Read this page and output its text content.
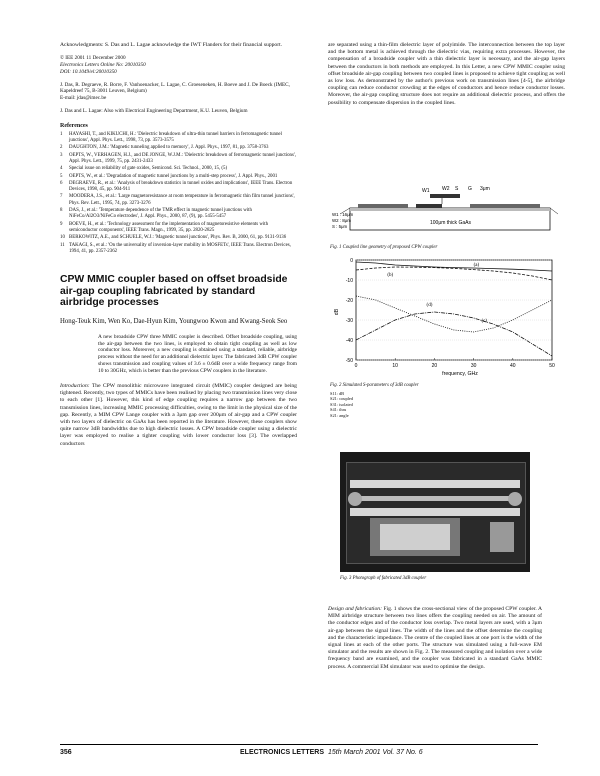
Acknowledgments: S. Das and L. Lagae acknowledge the IWT Flanders for their financial support.

© IEE 2001 11 December 2000

Electronics Letters Online No: 20010350

DOI: 10.1049/el:20010350

J. Das, R. Degraeve, R. Borre, F. Vanhoenacker, L. Lagae, C. Groeseneken, H. Boeve and J. De Boeck (IMEC, Kapeldreef 75, B-3001 Leuven, Belgium)

E-mail: jdas@imec.be

J. Das and L. Lagae: Also with Electrical Engineering Department, K.U. Leuven, Belgium

References

1	HAYASHI, T., and KIKUCHI, H.: 'Dielectric breakdown of ultra-thin tunnel barriers in ferromagnetic tunnel junctions', Appl. Phys. Lett., 1998, 73, pp. 3573-3575
2	DAUGHTON, J.M.: 'Magnetic tunneling applied to memory', J. Appl. Phys., 1997, 81, pp. 3758-3763
3	OEPTS, W., VERHAGEN, H.J., and DE JONGE, W.J.M.: 'Dielectric breakdown of ferromagnetic tunnel junctions', Appl. Phys. Lett., 1999, 75, pp. 2431-2433
4	Special issue on reliability of gate oxides, Semicond. Sci. Technol., 2000, 15, (5)
5	OEPTS, W., et al.: 'Degradation of magnetic tunnel junctions by a multi-step process', J. Appl. Phys., 2001
6	DEGRAEVE, R., et al.: 'Analysis of breakdown statistics in tunnel oxides and implications', IEEE Trans. Electron Devices, 1998, 45, pp. 904-911
7	MOODERA, J.S., et al.: 'Large magnetoresistance at room temperature in ferromagnetic thin film tunnel junctions', Phys. Rev. Lett., 1995, 74, pp. 3273-3276
8	DAS, J., et al.: 'Temperature dependence of the TMR effect in magnetic tunnel junctions with NiFeCo/Al2O3/NiFeCo electrodes', J. Appl. Phys., 2000, 87, (9), pp. 5455-5457
9	BOEVE, H., et al.: 'Technology assessment for the implementation of magnetoresistive elements with semiconductor components', IEEE Trans. Magn., 1999, 35, pp. 2820-2825
10 BERKOWITZ, A.E., and SCHUELE, W.J.: 'Magnetic tunnel junctions', Phys. Rev. B, 2000, 61, pp. 9131-9136
11 TAKAGI, S., et al.: 'On the universality of inversion-layer mobility in MOSFETs', IEEE Trans. Electron Devices, 1994, 41, pp. 2357-2362

CPW MMIC coupler based on offset broadside air-gap coupling fabricated by standard airbridge processes

Hong-Teuk Kim, Wen Ko, Dae-Hyun Kim, Youngwoo Kwon and Kwang-Seok Seo

A new broadside CPW three MMIC coupler is described. Offset broadside coupling, using the air-gap between the two lines, is employed to obtain tight coupling as well as low conductor loss. Moreover, a new coupling is obtained using a standard, reliable, airbridge process without the need for an additional dielectric layer. The fabricated 3dB CPW coupler shows transmission and coupling values of 3.6 ± 0.6dB over a wide frequency range from 10 to 30GHz, which is better than the previous CPW couplers in the literature.

Introduction: The CPW monolithic microwave integrated circuit (MMIC) coupler designed are being tightened. Recently, two types of MMICs have been realised by placing two transmission lines very close to each other [1]. However, this kind of edge coupling requires a narrow gap between the two transmission lines, increasing MMIC processing difficulties, owing to the limit in the physical size of the gap. Recently, a MIM CPW Lange coupler with a 3μm gap over 200μm of air-gap and a CPW coupler with two layers of dielectric on GaAs has been reported in the literature. However, these couplers show quite narrow 3dB bandwidths due to high dielectric losses. A CPW broadside coupler using a dielectric layer was employed to realise a tighter coupling with lower conductor loss [3]. The overlapped conductors

are separated using a thin-film dielectric layer of polyimide. The interconnection between the top layer and the bottom metal is achieved through the dielectric vias, requiring extra processes. However, the compensation of a broadside coupler with a thin dielectric layer is necessary, and the air-gap layers between the conductors in both methods are employed. In this Letter, a new CPW MMIC coupler using offset broadside air-gap coupling between two coupled lines is proposed to achieve tight coupling as well as low loss. As demonstrated by the author's previous work on transmission lines [4-5], the airbridge coupling can reduce conductor crowding at the edges of conductors and hence reduce conductor losses. Moreover, the air-gap coupling structure does not require an additional dielectric process, and offers the possibility to compensate dispersion in the coupled lines.

W1	W2 S G 3μm
100μm thick GaAs
W1 : 16μm
W2 : 8μm
S : 5μm

Fig. 1 Coupled line geometry of proposed CPW coupler

-50
-40
-30
-20
-10
0
0	10	20	30	40	50
(a)
(b)
(c)
(d)
frequency, GHz
dB

Fig. 2 Simulated S-parameters of 3dB coupler

S11: dB
S21: coupled
S31: isolated
S41: thru
S21: angle

Fig. 3 Photograph of fabricated 3dB coupler

Design and fabrication: Fig. 1 shows the cross-sectional view of the proposed CPW coupler. A MIM airbridge structure between two lines offers the coupling needed on air. The amount of the conductor edges and of the conductor loss overlap. Two metal layers are used, with a 3μm air-gap between the signal lines. The width of the lines and the offset determine the coupling and the characteristic impedance. The centre of the coupled lines at one port is the width of the signal lines at each of the other ports. The structure was simulated using a full-wave EM simulator and the results are shown in Fig. 2. The measured coupling and isolation over a wide frequency band are examined, and the coupler was fabricated in a standard GaAs MMIC process. A commercial EM simulator was used to optimise the design.

356	ELECTRONICS LETTERS 15th March 2001 Vol. 37 No. 6
